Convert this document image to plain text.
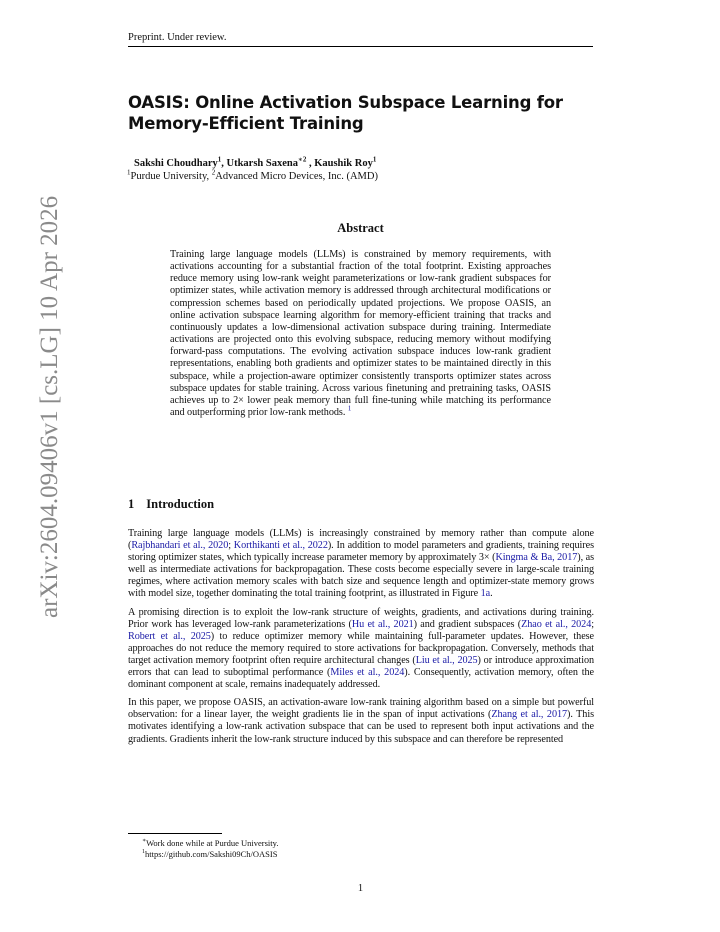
arXiv:2604.09406v1 [cs.LG] 10 Apr 2026
Preprint. Under review.
OASIS: Online Activation Subspace Learning for Memory-Efficient Training
Sakshi Choudhary$^1$, Utkarsh Saxena$^{∗2}$ , Kaushik Roy$^1$
$^1$Purdue University, $^2$Advanced Micro Devices, Inc. (AMD)
Abstract
Training large language models (LLMs) is constrained by memory requirements, with activations accounting for a substantial fraction of the total footprint. Existing approaches reduce memory using low-rank weight parameterizations or low-rank gradient subspaces for optimizer states, while activation memory is addressed through architectural modifications or compression schemes based on periodically updated projections. We propose OASIS, an online activation subspace learning algorithm for memory-efficient training that tracks and continuously updates a low-dimensional activation subspace during training. Intermediate activations are projected onto this evolving subspace, reducing memory without modifying forward-pass computations. The evolving activation subspace induces low-rank gradient representations, enabling both gradients and optimizer states to be maintained directly in this subspace, while a projection-aware optimizer consistently transports optimizer states across subspace updates for stable training. Across various finetuning and pretraining tasks, OASIS achieves up to 2× lower peak memory than full fine-tuning while matching its performance and outperforming prior low-rank methods. $^1$
1 Introduction

Training large language models (LLMs) is increasingly constrained by memory rather than compute alone (Rajbhandari et al., 2020; Korthikanti et al., 2022). In addition to model parameters and gradients, training requires storing optimizer states, which typically increase parameter memory by approximately 3× (Kingma & Ba, 2017), as well as intermediate activations for backpropagation. These costs become especially severe in large-scale training regimes, where activation memory scales with batch size and sequence length and optimizer-state memory grows with model size, together dominating the total training footprint, as illustrated in Figure 1a.

A promising direction is to exploit the low-rank structure of weights, gradients, and activations during training. Prior work has leveraged low-rank parameterizations (Hu et al., 2021) and gradient subspaces (Zhao et al., 2024; Robert et al., 2025) to reduce optimizer memory while maintaining full-parameter updates. However, these approaches do not reduce the memory required to store activations for backpropagation. Conversely, methods that target activation memory footprint often require architectural changes (Liu et al., 2025) or introduce approximation errors that can lead to suboptimal performance (Miles et al., 2024). Consequently, activation memory, often the dominant component at scale, remains inadequately addressed.

In this paper, we propose OASIS, an activation-aware low-rank training algorithm based on a simple but powerful observation: for a linear layer, the weight gradients lie in the span of input activations (Zhang et al., 2017). This motivates identifying a low-rank activation subspace that can be used to represent both input activations and the gradients. Gradients inherit the low-rank structure induced by this subspace and can therefore be represented

∗Work done while at Purdue University.
$^1$https://github.com/Sakshi09Ch/OASIS
1
